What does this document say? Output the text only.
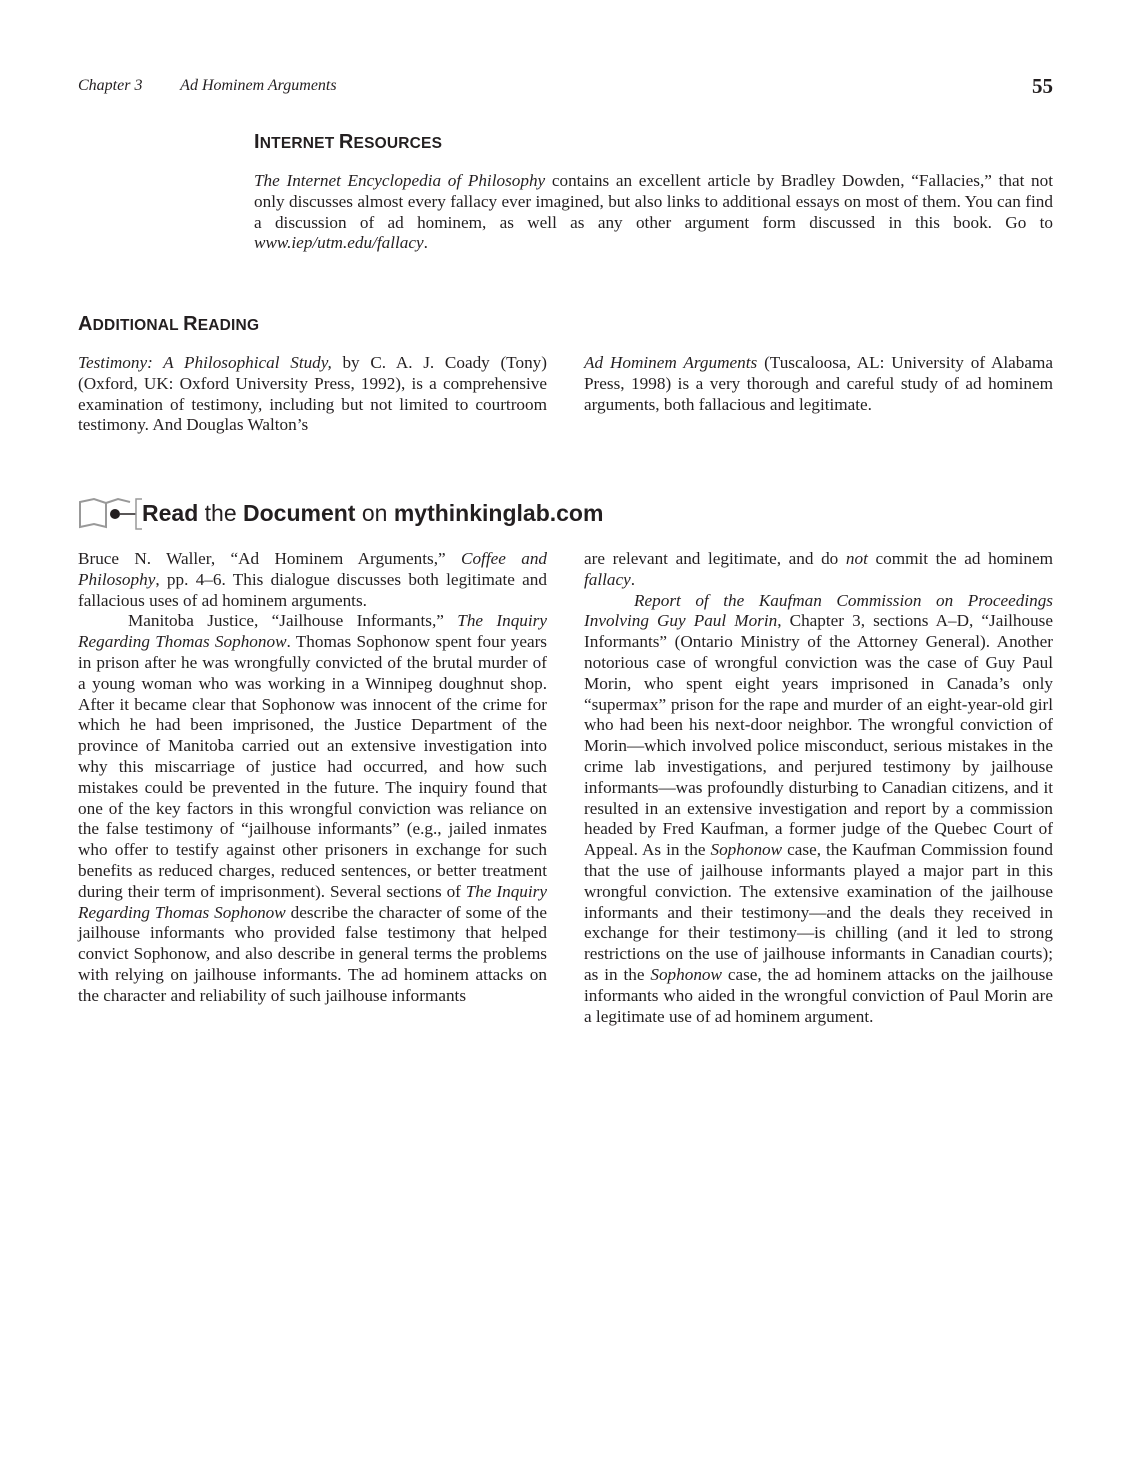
Chapter 3 Ad Hominem Arguments	55
INTERNET RESOURCES

The Internet Encyclopedia of Philosophy contains an excellent article by Bradley Dowden, “Fallacies,” that not only discusses almost every fallacy ever imagined, but also links to additional essays on most of them. You can find a discussion of ad hominem, as well as any other argument form discussed in this book. Go to www.iep/utm.edu/fallacy.

ADDITIONAL READING

Testimony: A Philosophical Study, by C. A. J. Coady (Tony) (Oxford, UK: Oxford University Press, 1992), is a comprehensive examination of testimony, including but not limited to courtroom testimony. And Douglas Walton’s

Ad Hominem Arguments (Tuscaloosa, AL: University of Alabama Press, 1998) is a very thorough and careful study of ad hominem arguments, both fallacious and legitimate.

Read the Document on mythinkinglab.com

Bruce N. Waller, “Ad Hominem Arguments,” Coffee and Philosophy, pp. 4–6. This dialogue discusses both legitimate and fallacious uses of ad hominem arguments.

Manitoba Justice, “Jailhouse Informants,” The Inquiry Regarding Thomas Sophonow. Thomas Sophonow spent four years in prison after he was wrongfully convicted of the brutal murder of a young woman who was working in a Winnipeg doughnut shop. After it became clear that Sophonow was innocent of the crime for which he had been imprisoned, the Justice Department of the province of Manitoba carried out an extensive investigation into why this miscarriage of justice had occurred, and how such mistakes could be prevented in the future. The inquiry found that one of the key factors in this wrongful conviction was reliance on the false testimony of “jailhouse informants” (e.g., jailed inmates who offer to testify against other prisoners in exchange for such benefits as reduced charges, reduced sentences, or better treatment during their term of imprisonment). Several sections of The Inquiry Regarding Thomas Sophonow describe the character of some of the jailhouse informants who provided false testimony that helped convict Sophonow, and also describe in general terms the problems with relying on jailhouse informants. The ad hominem attacks on the character and reliability of such jailhouse informants

are relevant and legitimate, and do not commit the ad hominem fallacy.

Report of the Kaufman Commission on Proceedings Involving Guy Paul Morin, Chapter 3, sections A–D, “Jailhouse Informants” (Ontario Ministry of the Attorney General). Another notorious case of wrongful conviction was the case of Guy Paul Morin, who spent eight years imprisoned in Canada’s only “supermax” prison for the rape and murder of an eight-year-old girl who had been his next-door neighbor. The wrongful conviction of Morin—which involved police misconduct, serious mistakes in the crime lab investigations, and perjured testimony by jailhouse informants—was profoundly disturbing to Canadian citizens, and it resulted in an extensive investigation and report by a commission headed by Fred Kaufman, a former judge of the Quebec Court of Appeal. As in the Sophonow case, the Kaufman Commission found that the use of jailhouse informants played a major part in this wrongful conviction. The extensive examination of the jailhouse informants and their testimony—and the deals they received in exchange for their testimony—is chilling (and it led to strong restrictions on the use of jailhouse informants in Canadian courts); as in the Sophonow case, the ad hominem attacks on the jailhouse informants who aided in the wrongful conviction of Paul Morin are a legitimate use of ad hominem argument.
